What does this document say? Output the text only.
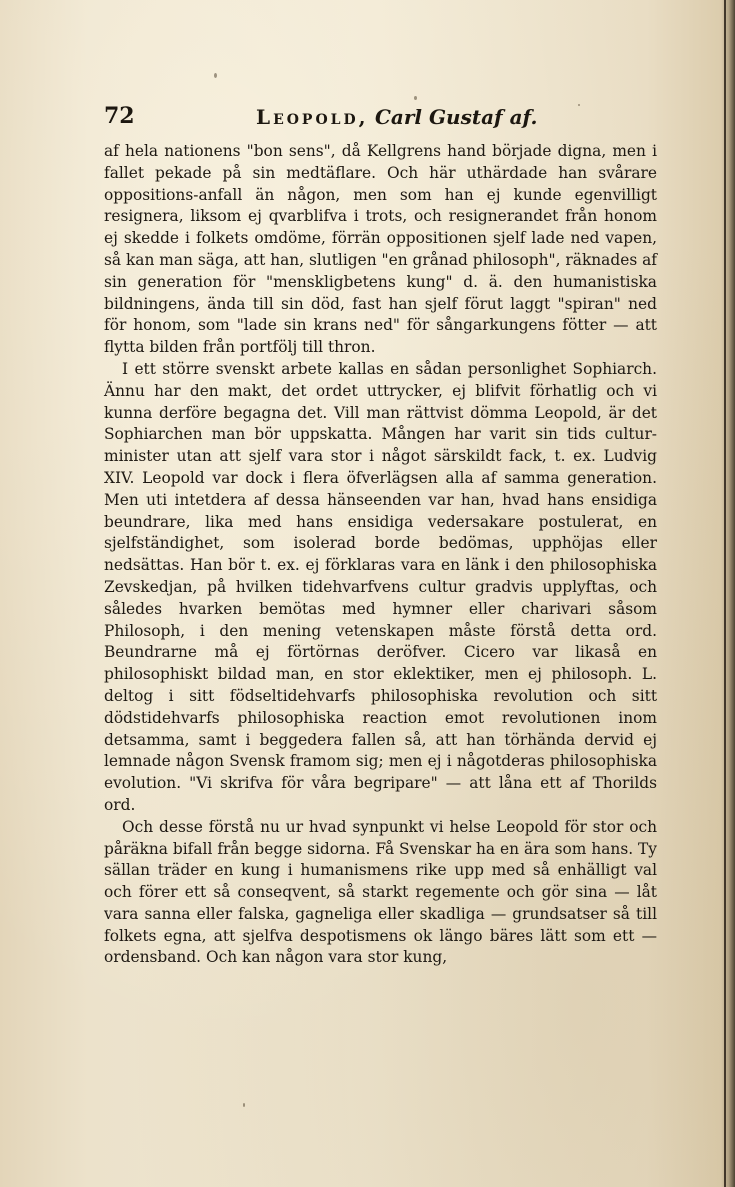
72	Leopold, Carl Gustaf af.

af hela nationens "bon sens", då Kellgrens hand började digna, men i fallet pekade på sin medtäflare. Och här uthärdade han svårare oppositions-anfall än någon, men som han ej kunde egenvilligt resignera, liksom ej qvarblifva i trots, och resignerandet från honom ej skedde i folkets omdöme, förrän oppositionen sjelf lade ned vapen, så kan man säga, att han, slutligen "en grånad philosoph", räknades af sin generation för "menskligbetens kung" d. ä. den humanistiska bildningens, ända till sin död, fast han sjelf förut laggt "spiran" ned för honom, som "lade sin krans ned" för sångarkungens fötter — att flytta bilden från portfölj till thron.

I ett större svenskt arbete kallas en sådan personlighet Sophiarch. Ännu har den makt, det ordet uttrycker, ej blifvit förhatlig och vi kunna derföre begagna det. Vill man rättvist dömma Leopold, är det Sophiarchen man bör uppskatta. Mången har varit sin tids cultur-minister utan att sjelf vara stor i något särskildt fack, t. ex. Ludvig XIV. Leopold var dock i flera öfverlägsen alla af samma generation. Men uti intetdera af dessa hänseenden var han, hvad hans ensidiga beundrare, lika med hans ensidiga vedersakare postulerat, en sjelfständighet, som isolerad borde bedömas, upphöjas eller nedsättas. Han bör t. ex. ej förklaras vara en länk i den philosophiska Zevskedjan, på hvilken tidehvarfvens cultur gradvis upplyftas, och således hvarken bemötas med hymner eller charivari såsom Philosoph, i den mening vetenskapen måste förstå detta ord. Beundrarne må ej förtörnas deröfver. Cicero var likaså en philosophiskt bildad man, en stor eklektiker, men ej philosoph. L. deltog i sitt födseltidehvarfs philosophiska revolution och sitt dödstidehvarfs philosophiska reaction emot revolutionen inom detsamma, samt i beggedera fallen så, att han törhända dervid ej lemnade någon Svensk framom sig; men ej i någotderas philosophiska evolution. "Vi skrifva för våra begripare" — att låna ett af Thorilds ord.

Och desse förstå nu ur hvad synpunkt vi helse Leopold för stor och påräkna bifall från begge sidorna. Få Svenskar ha en ära som hans. Ty sällan träder en kung i humanismens rike upp med så enhälligt val och förer ett så conseqvent, så starkt regemente och gör sina — låt vara sanna eller falska, gagneliga eller skadliga — grundsatser så till folkets egna, att sjelfva despotismens ok längo bäres lätt som ett — ordensband. Och kan någon vara stor kung,
